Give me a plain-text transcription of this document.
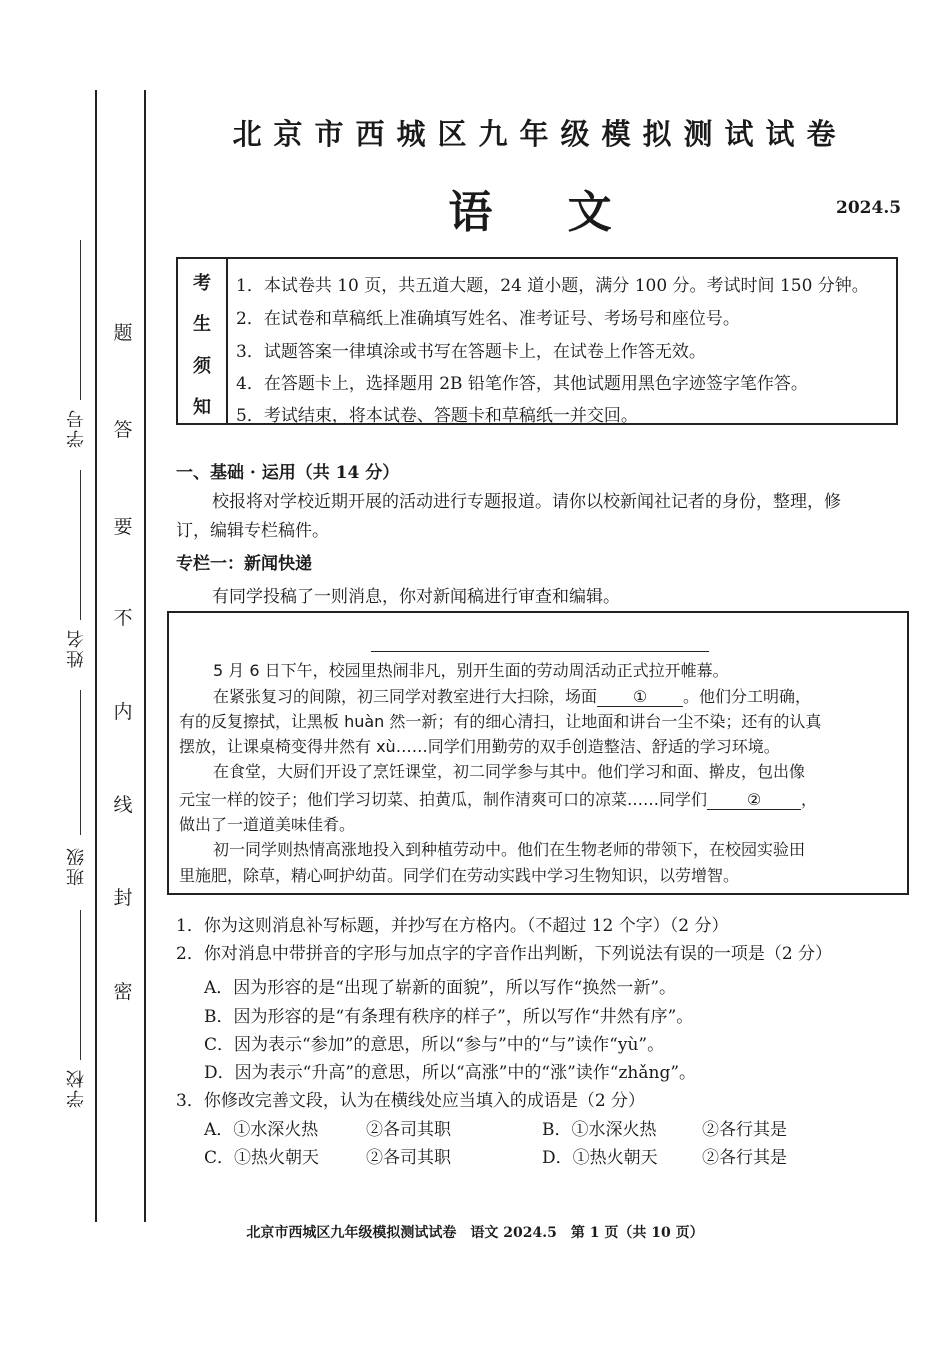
学号
姓名
班级
学校
题
答
要
不
内
线
封
密
北京市西城区九年级模拟测试试卷
语 文	2024.5
考
生
须
知
1．本试卷共 10 页，共五道大题，24 道小题，满分 100 分。考试时间 150 分钟。
2．在试卷和草稿纸上准确填写姓名、准考证号、考场号和座位号。
3．试题答案一律填涂或书写在答题卡上，在试卷上作答无效。
4．在答题卡上，选择题用 2B 铅笔作答，其他试题用黑色字迹签字笔作答。
5．考试结束，将本试卷、答题卡和草稿纸一并交回。
一、基础 · 运用（共 14 分）
校报将对学校近期开展的活动进行专题报道。请你以校新闻社记者的身份，整理，修
订，编辑专栏稿件。
专栏一：新闻快递
有同学投稿了一则消息，你对新闻稿进行审查和编辑。
5 月 6 日下午，校园里热闹非凡，别开生面的劳动周活动正式拉开帷幕。
在紧张复习的间隙，初三同学对教室进行大扫除，场面 ① 。他们分工明确，
有的反复擦拭，让黑板 huàn 然一新；有的细心清扫，让地面和讲台一尘不染；还有的认真
摆放，让课桌椅变得井然有 xù……同学们用勤劳的双手创造整洁、舒适的学习环境。
在食堂，大厨们开设了烹饪课堂，初二同学参与其中。他们学习和面、擀皮，包出像
元宝一样的饺子；他们学习切菜、拍黄瓜，制作清爽可口的凉菜……同学们 ② ，
做出了一道道美味佳肴。
初一同学则热情高涨地投入到种植劳动中。他们在生物老师的带领下，在校园实验田
里施肥，除草，精心呵护幼苗。同学们在劳动实践中学习生物知识，以劳增智。
1．你为这则消息补写标题，并抄写在方格内。（不超过 12 个字）（2 分）
2．你对消息中带拼音的字形与加点字的字音作出判断，下列说法有误的一项是（2 分）
A．因为形容的是“出现了崭新的面貌”，所以写作“换然一新”。
B．因为形容的是“有条理有秩序的样子”，所以写作“井然有序”。
C．因为表示“参加”的意思，所以“参与”中的“与”读作“yù”。
D．因为表示“升高”的意思，所以“高涨”中的“涨”读作“zhǎng”。
3．你修改完善文段，认为在横线处应当填入的成语是（2 分）
A．①水深火热	②各司其职	B．①水深火热	②各行其是
C．①热火朝天	②各司其职	D．①热火朝天	②各行其是
北京市西城区九年级模拟测试试卷　语文 2024.5　第 1 页（共 10 页）
